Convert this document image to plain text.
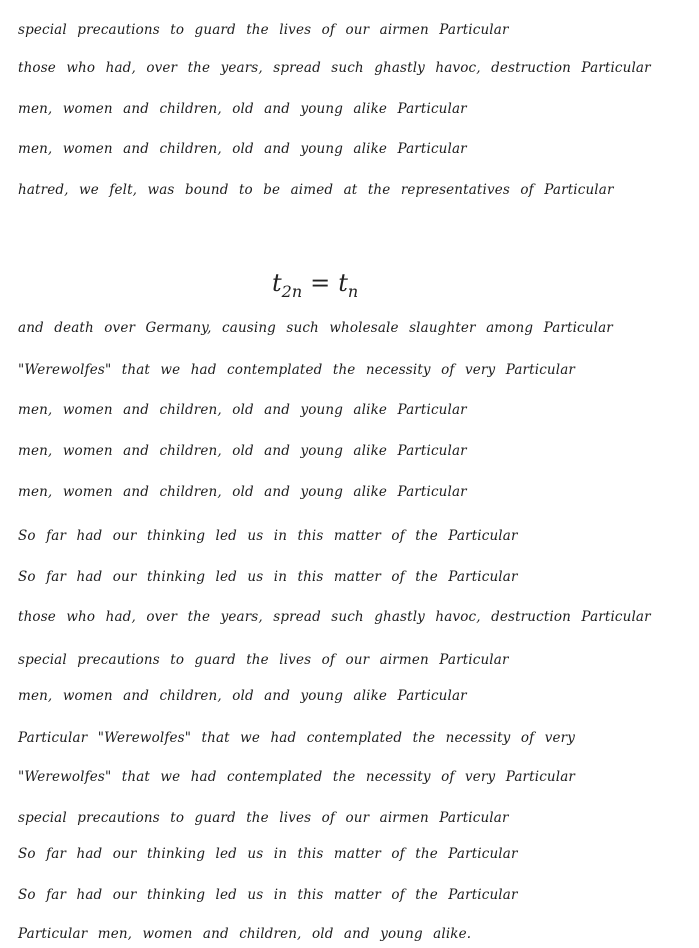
special precautions to guard the lives of our airmen Particular
those who had, over the years, spread such ghastly havoc, destruction Particular
men, women and children, old and young alike Particular
men, women and children, old and young alike Particular
hatred, we felt, was bound to be aimed at the representatives of Particular
$t_{2n} = t_n$
and death over Germany, causing such wholesale slaughter among Particular
"Werewolfes" that we had contemplated the necessity of very Particular
men, women and children, old and young alike Particular
men, women and children, old and young alike Particular
men, women and children, old and young alike Particular
So far had our thinking led us in this matter of the Particular
So far had our thinking led us in this matter of the Particular
those who had, over the years, spread such ghastly havoc, destruction Particular
special precautions to guard the lives of our airmen Particular
men, women and children, old and young alike Particular
Particular "Werewolfes" that we had contemplated the necessity of very
"Werewolfes" that we had contemplated the necessity of very Particular
special precautions to guard the lives of our airmen Particular
So far had our thinking led us in this matter of the Particular
So far had our thinking led us in this matter of the Particular
Particular men, women and children, old and young alike.
